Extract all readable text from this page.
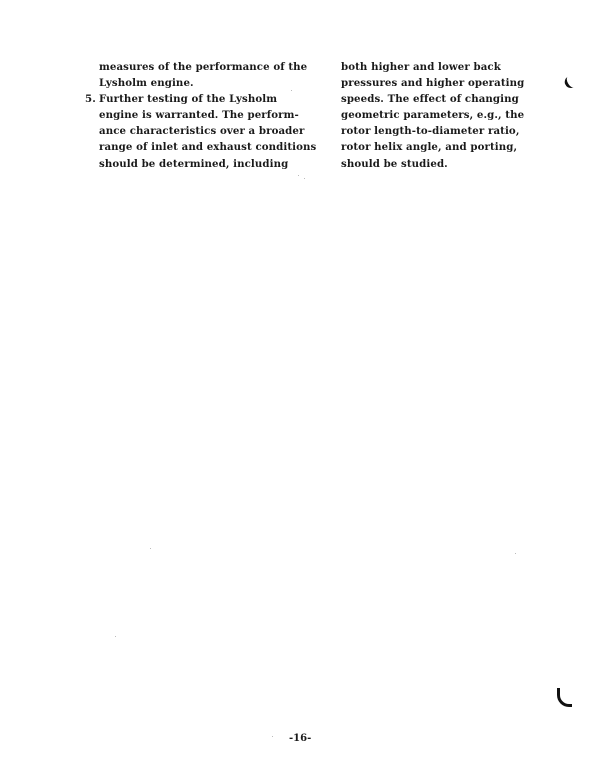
measures of the performance of the
Lysholm engine.
5. Further testing of the Lysholm
engine is warranted. The perform-
ance characteristics over a broader
range of inlet and exhaust conditions
should be determined, including
both higher and lower back
pressures and higher operating
speeds. The effect of changing
geometric parameters, e.g., the
rotor length-to-diameter ratio,
rotor helix angle, and porting,
should be studied.
-16-
